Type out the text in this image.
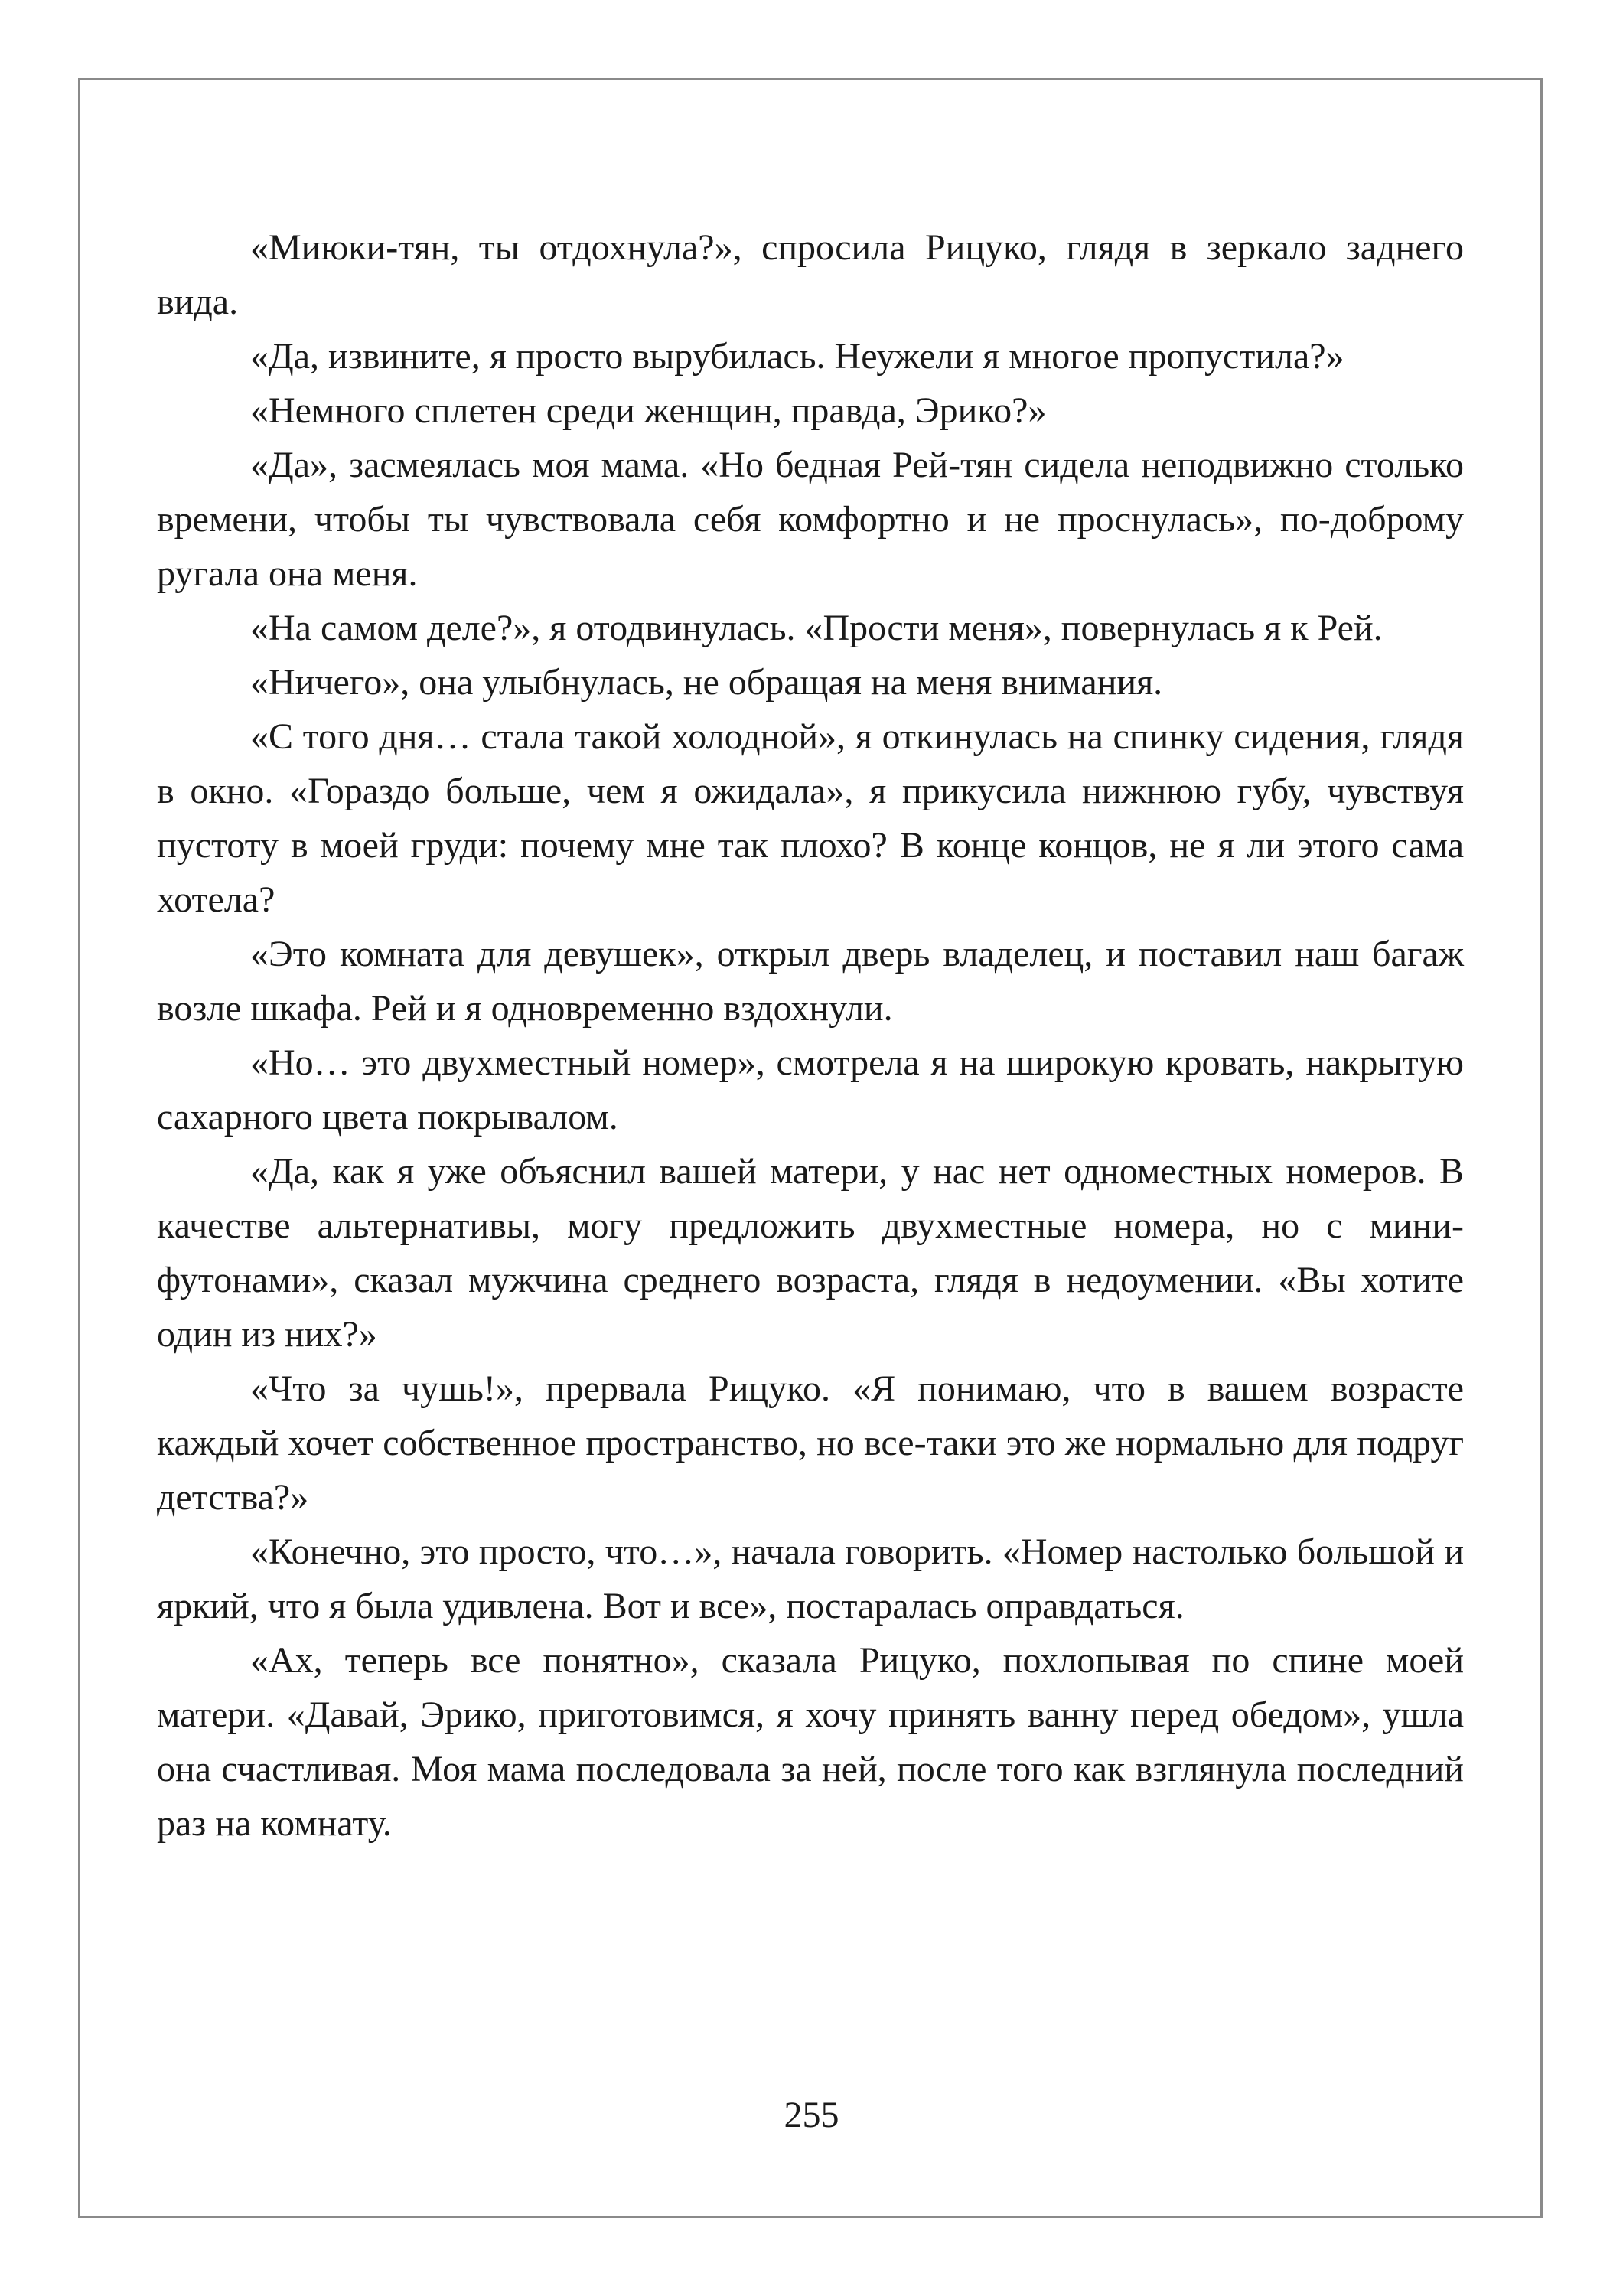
«Миюки-тян, ты отдохнула?», спросила Рицуко, глядя в зеркало заднего вида.

«Да, извините, я просто вырубилась. Неужели я многое пропустила?»

«Немного сплетен среди женщин, правда, Эрико?»

«Да», засмеялась моя мама. «Но бедная Рей-тян сидела неподвижно столько времени, чтобы ты чувствовала себя комфортно и не проснулась», по-доброму ругала она меня.

«На самом деле?», я отодвинулась. «Прости меня», повернулась я к Рей.

«Ничего», она улыбнулась, не обращая на меня внимания.

«С того дня… стала такой холодной», я откинулась на спинку сидения, глядя в окно. «Гораздо больше, чем я ожидала», я прикусила нижнюю губу, чувствуя пустоту в моей груди: почему мне так плохо? В конце концов, не я ли этого сама хотела?

«Это комната для девушек», открыл дверь владелец, и поставил наш багаж возле шкафа. Рей и я одновременно вздохнули.

«Но… это двухместный номер», смотрела я на широкую кровать, накрытую сахарного цвета покрывалом.

«Да, как я уже объяснил вашей матери, у нас нет одноместных номеров. В качестве альтернативы, могу предложить двухместные номера, но с мини-футонами», сказал мужчина среднего возраста, глядя в недоумении. «Вы хотите один из них?»

«Что за чушь!», прервала Рицуко. «Я понимаю, что в вашем возрасте каждый хочет собственное пространство, но все-таки это же нормально для подруг детства?»

«Конечно, это просто, что…», начала говорить. «Номер настолько большой и яркий, что я была удивлена. Вот и все», постаралась оправдаться.

«Ах, теперь все понятно», сказала Рицуко, похлопывая по спине моей матери. «Давай, Эрико, приготовимся, я хочу принять ванну перед обедом», ушла она счастливая. Моя мама последовала за ней, после того как взглянула последний раз на комнату.

255
